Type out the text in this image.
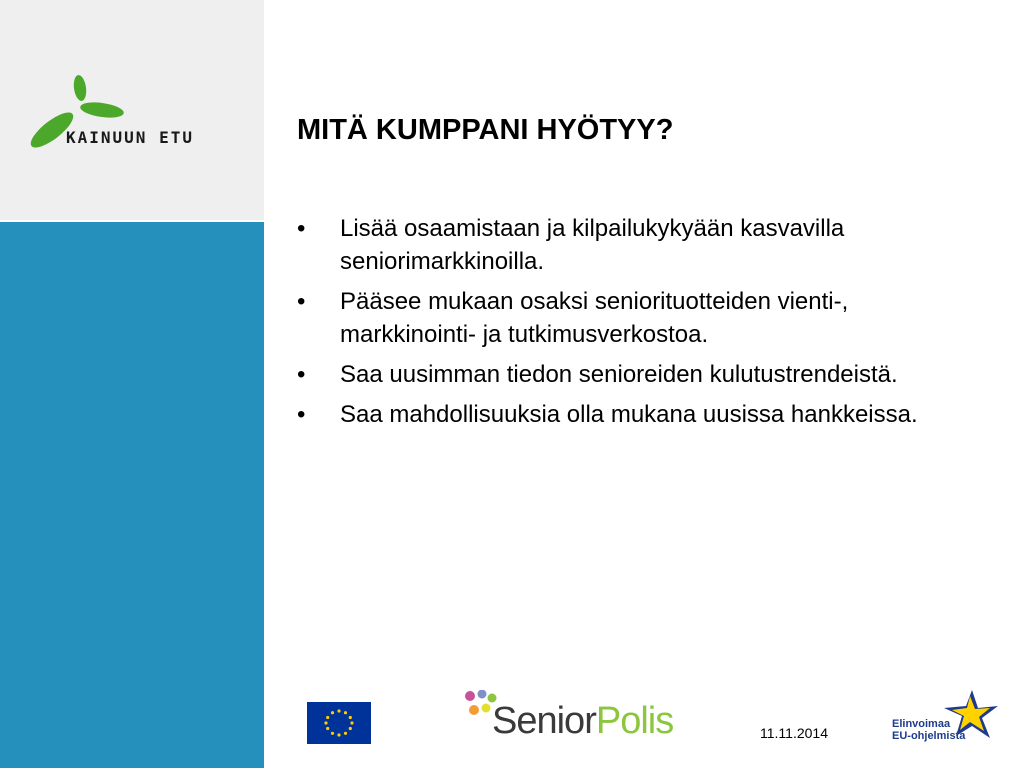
KAINUUN ETU	MITÄ KUMPPANI HYÖTYY?
• Lisää osaamistaan ja kilpailukykyään kasvavilla seniorimarkkinoilla.
• Pääsee mukaan osaksi seniorituotteiden vienti-, markkinointi- ja tutkimusverkostoa.
• Saa uusimman tiedon senioreiden kulutustrendeistä.
• Saa mahdollisuuksia olla mukana uusissa hankkeissa.
SeniorPolis	11.11.2014
Elinvoimaa
EU-ohjelmista
